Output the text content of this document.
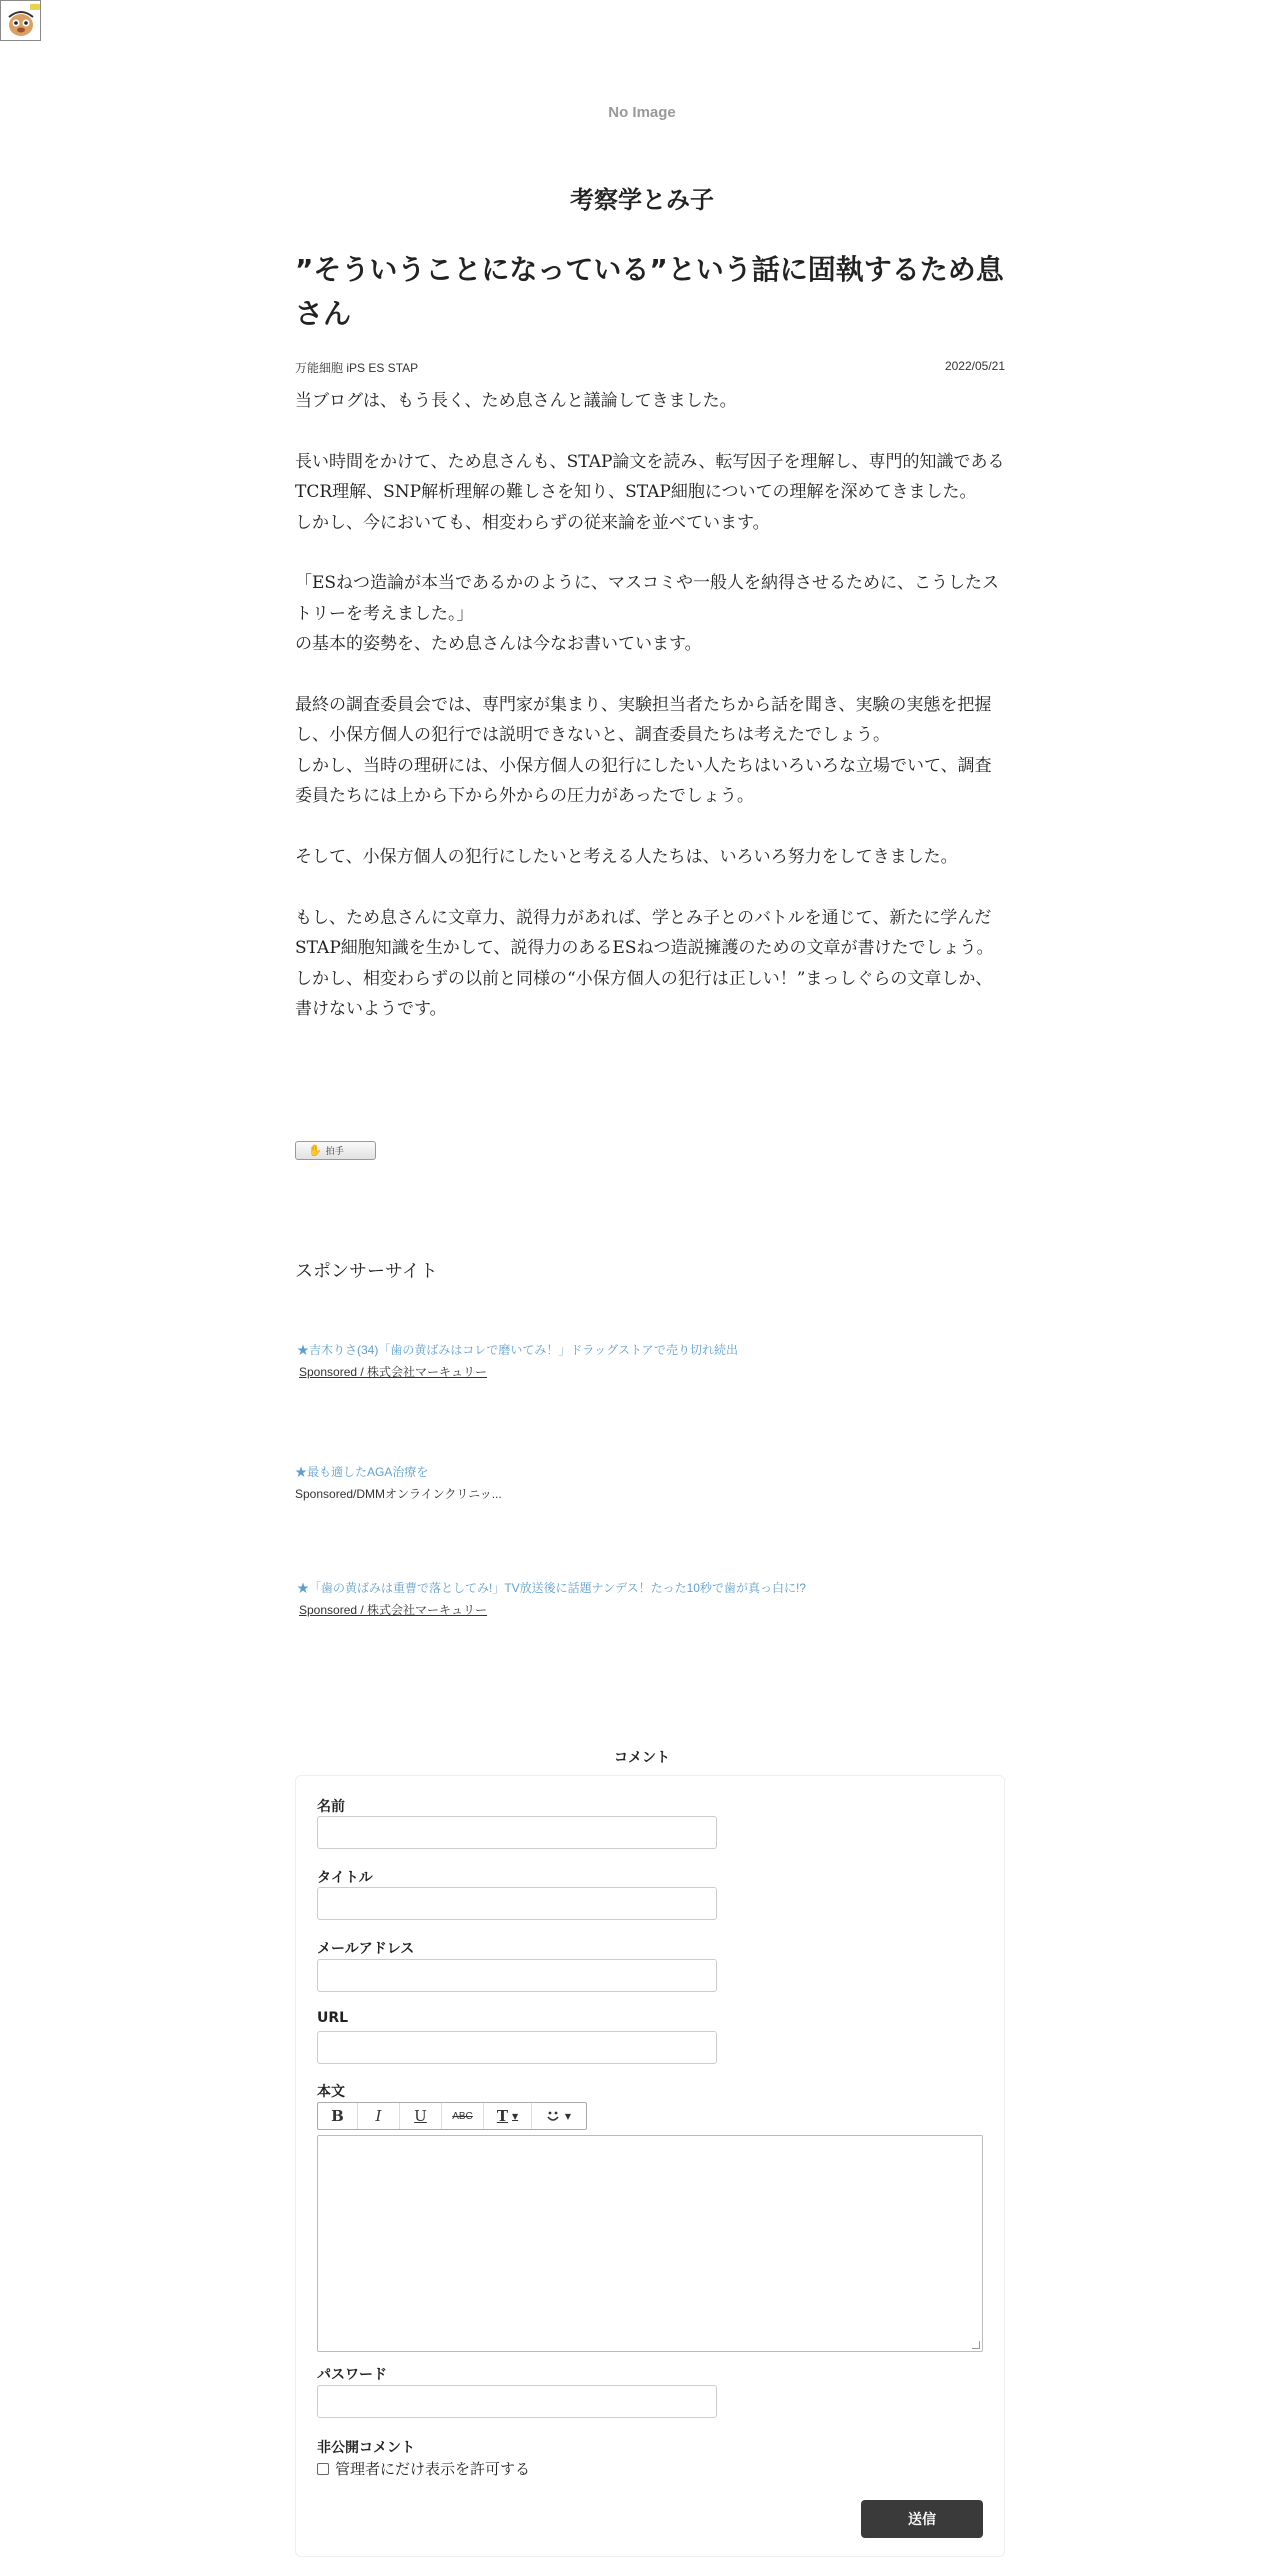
No Image
考察学とみ子
”そういうことになっている”という話に固執するため息さん
万能細胞 iPS ES STAP	2022/05/21

当ブログは、もう長く、ため息さんと議論してきました。

長い時間をかけて、ため息さんも、STAP論文を読み、転写因子を理解し、専門的知識であるTCR理解、SNP解析理解の難しさを知り、STAP細胞についての理解を深めてきました。

しかし、今においても、相変わらずの従来論を並べています。

「ESねつ造論が本当であるかのように、マスコミや一般人を納得させるために、こうしたストリーを考えました。」

の基本的姿勢を、ため息さんは今なお書いています。

最終の調査委員会では、専門家が集まり、実験担当者たちから話を聞き、実験の実態を把握し、小保方個人の犯行では説明できないと、調査委員たちは考えたでしょう。

しかし、当時の理研には、小保方個人の犯行にしたい人たちはいろいろな立場でいて、調査委員たちには上から下から外からの圧力があったでしょう。

そして、小保方個人の犯行にしたいと考える人たちは、いろいろ努力をしてきました。

もし、ため息さんに文章力、説得力があれば、学とみ子とのバトルを通じて、新たに学んだSTAP細胞知識を生かして、説得力のあるESねつ造説擁護のための文章が書けたでしょう。

しかし、相変わらずの以前と同様の“小保方個人の犯行は正しい！”まっしぐらの文章しか、書けないようです。

✋ 拍手
スポンサーサイト
★吉木りさ(34)「歯の黄ばみはコレで磨いてみ！」ドラッグストアで売り切れ続出
Sponsored / 株式会社マーキュリー
★最も適したAGA治療を
Sponsored/DMMオンラインクリニッ...
★「歯の黄ばみは重曹で落としてみ!」TV放送後に話題ナンデス！たった10秒で歯が真っ白に!?
Sponsored / 株式会社マーキュリー
コメント
名前
タイトル
メールアドレス
URL
本文
B	I	U	ABC	T ▼	▼
パスワード
非公開コメント
管理者にだけ表示を許可する
送信
